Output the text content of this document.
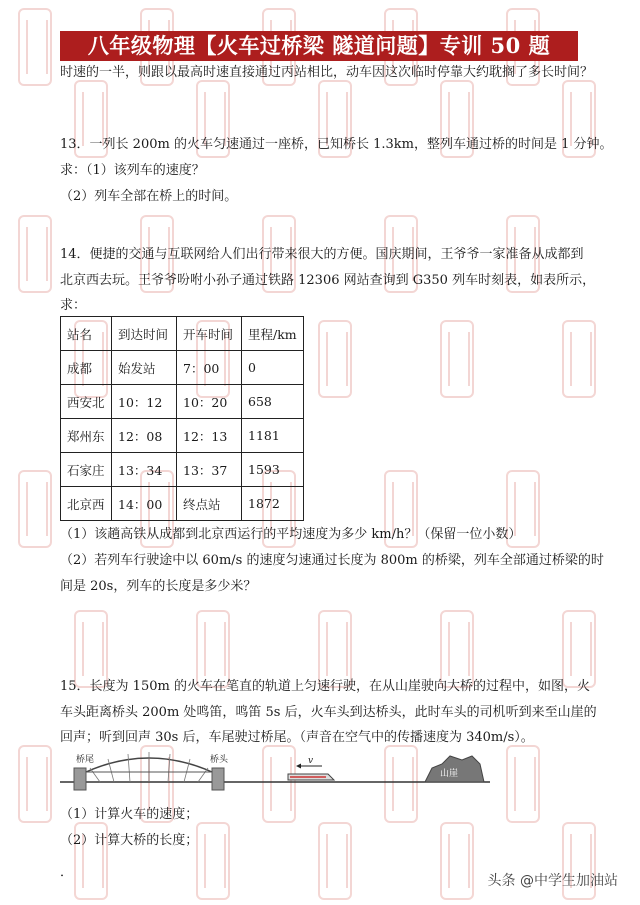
八年级物理【火车过桥梁 隧道问题】专训 50 题
时速的一半，则跟以最高时速直接通过丙站相比，动车因这次临时停靠大约耽搁了多长时间？
13．一列长 200m 的火车匀速通过一座桥，已知桥长 1.3km，整列车通过桥的时间是 1 分钟。
求：（1）该列车的速度？
（2）列车全部在桥上的时间。
14．便捷的交通与互联网给人们出行带来很大的方便。国庆期间，王爷爷一家准备从成都到
北京西去玩。王爷爷吩咐小孙子通过铁路 12306 网站查询到 G350 列车时刻表，如表所示，
求：
站名	到达时间	开车时间	里程/km
成都	始发站	7：00	0
西安北	10：12	10：20	658
郑州东	12：08	12：13	1181
石家庄	13：34	13：37	1593
北京西	14：00	终点站	1872
（1）该趟高铁从成都到北京西运行的平均速度为多少 km/h？（保留一位小数）
（2）若列车行驶途中以 60m/s 的速度匀速通过长度为 800m 的桥梁，列车全部通过桥梁的时
间是 20s，列车的长度是多少米？
15．长度为 150m 的火车在笔直的轨道上匀速行驶，在从山崖驶向大桥的过程中，如图，火
车头距离桥头 200m 处鸣笛，鸣笛 5s 后，火车头到达桥头，此时车头的司机听到来至山崖的
回声；听到回声 30s 后，车尾驶过桥尾。（声音在空气中的传播速度为 340m/s）。
桥尾	桥头	v
山崖
（1）计算火车的速度；
（2）计算大桥的长度；
．
头条 @中学生加油站
